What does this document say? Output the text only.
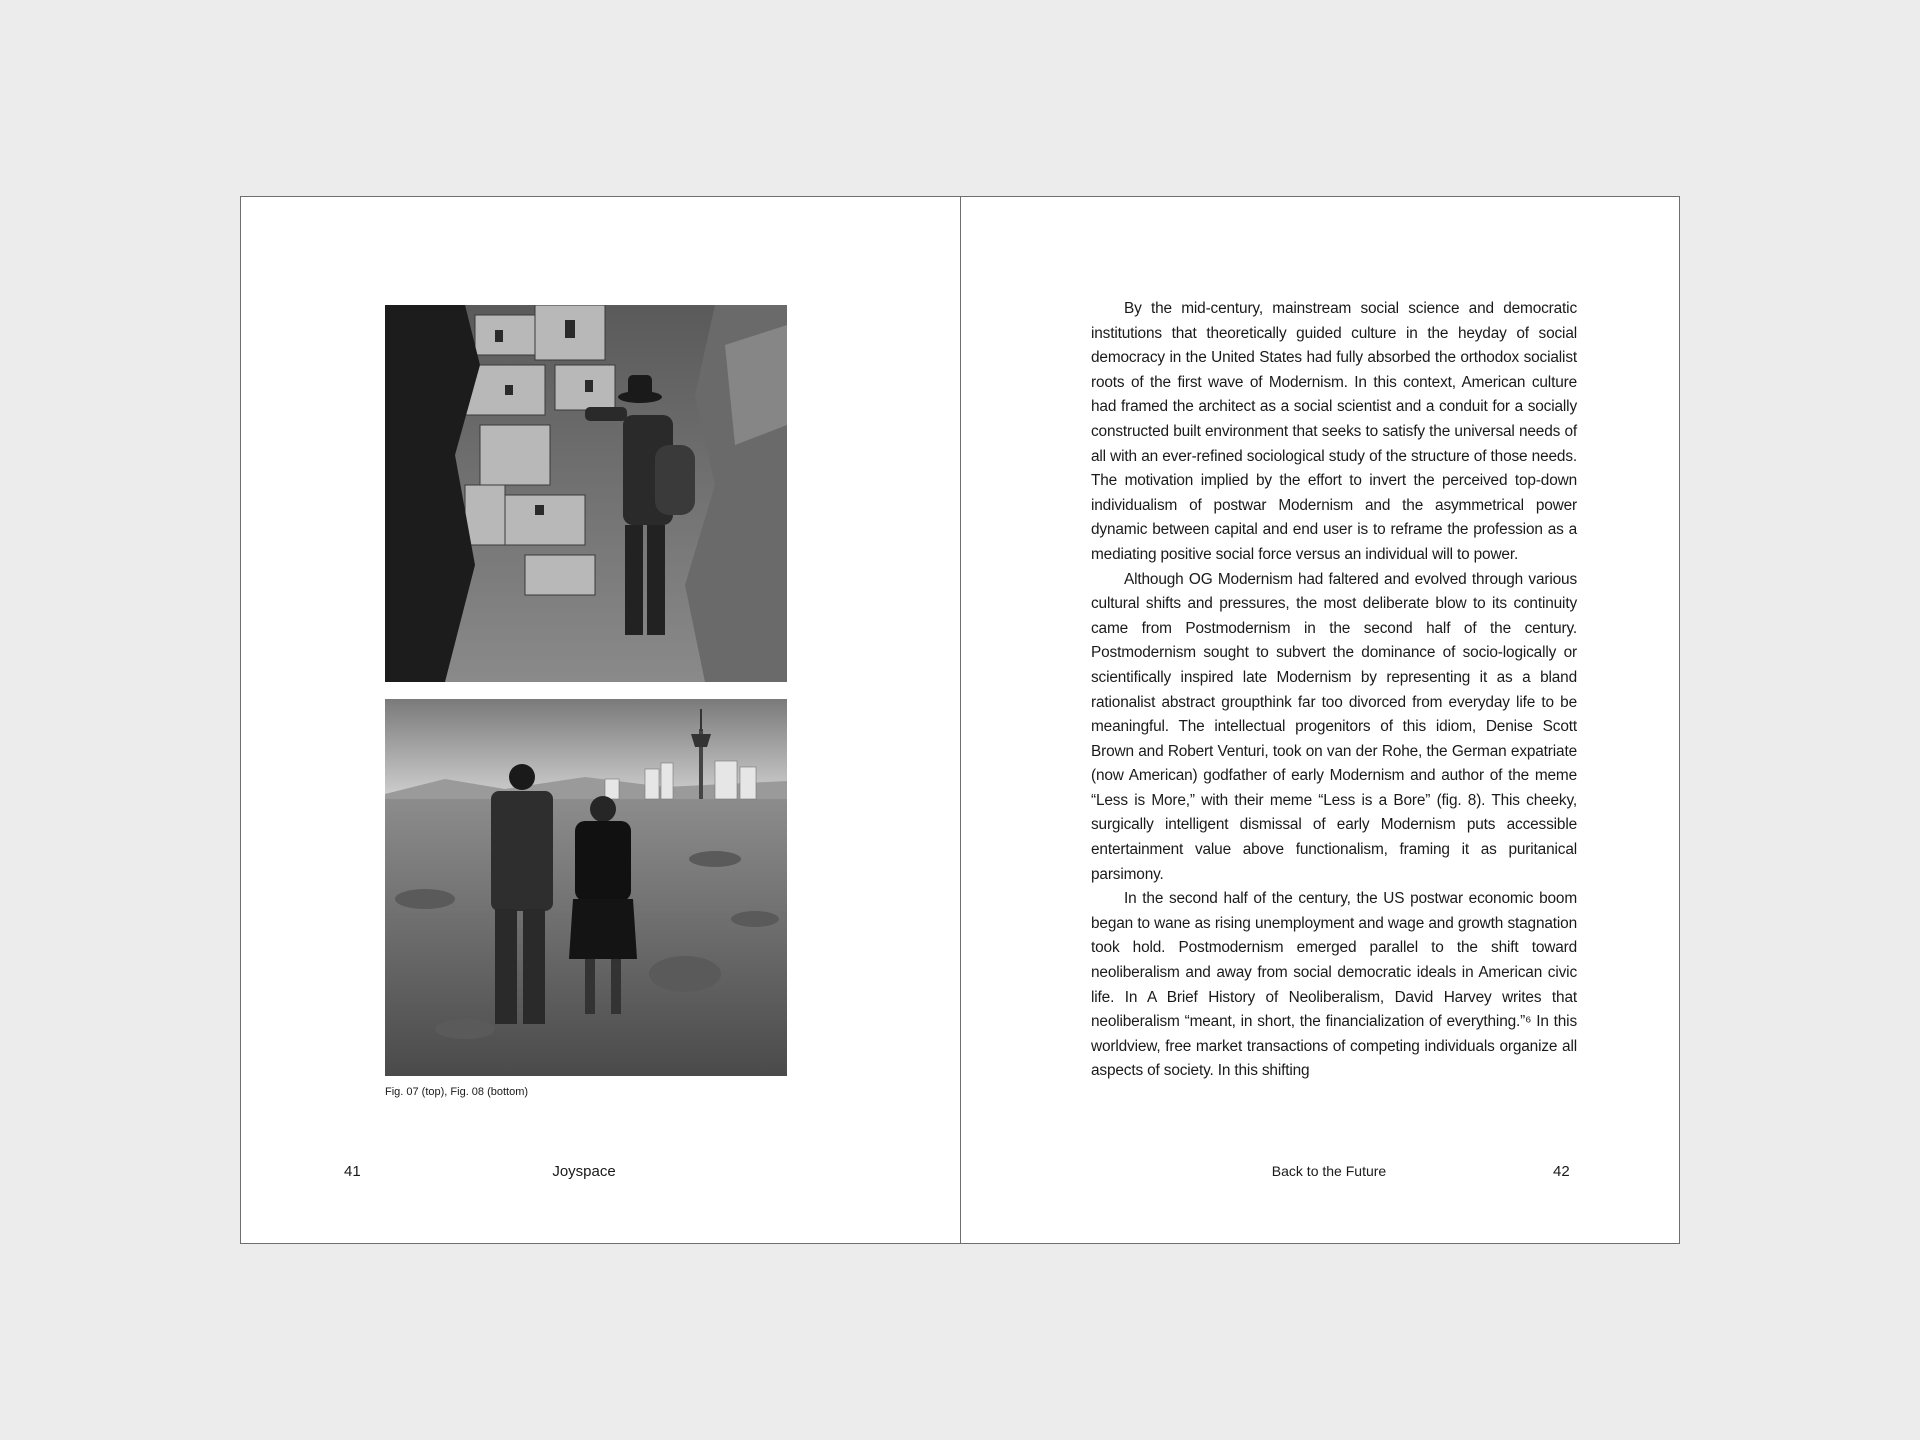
Fig. 07 (top), Fig. 08 (bottom)
41	Joyspace

By the mid-century, mainstream social science and democratic institutions that theoretically guided culture in the heyday of social democracy in the United States had fully absorbed the orthodox socialist roots of the first wave of Modernism. In this context, American culture had framed the architect as a social scientist and a conduit for a socially constructed built environment that seeks to satisfy the universal needs of all with an ever-refined sociological study of the structure of those needs. The motivation implied by the effort to invert the perceived top-down individualism of postwar Modernism and the asymmetrical power dynamic between capital and end user is to reframe the profession as a mediating positive social force versus an individual will to power.

Although OG Modernism had faltered and evolved through various cultural shifts and pressures, the most deliberate blow to its continuity came from Postmodernism in the second half of the century. Postmodernism sought to subvert the dominance of socio-logically or scientifically inspired late Modernism by representing it as a bland rationalist abstract groupthink far too divorced from everyday life to be meaningful. The intellectual progenitors of this idiom, Denise Scott Brown and Robert Venturi, took on van der Rohe, the German expatriate (now American) godfather of early Modernism and author of the meme “Less is More,” with their meme “Less is a Bore” (fig. 8). This cheeky, surgically intelligent dismissal of early Modernism puts accessible entertainment value above functionalism, framing it as puritanical parsimony.

In the second half of the century, the US postwar economic boom began to wane as rising unemployment and wage and growth stagnation took hold. Postmodernism emerged parallel to the shift toward neoliberalism and away from social democratic ideals in American civic life. In A Brief History of Neoliberalism, David Harvey writes that neoliberalism “meant, in short, the financialization of everything.”⁶ In this worldview, free market transactions of competing individuals organize all aspects of society. In this shifting

Back to the Future	42
